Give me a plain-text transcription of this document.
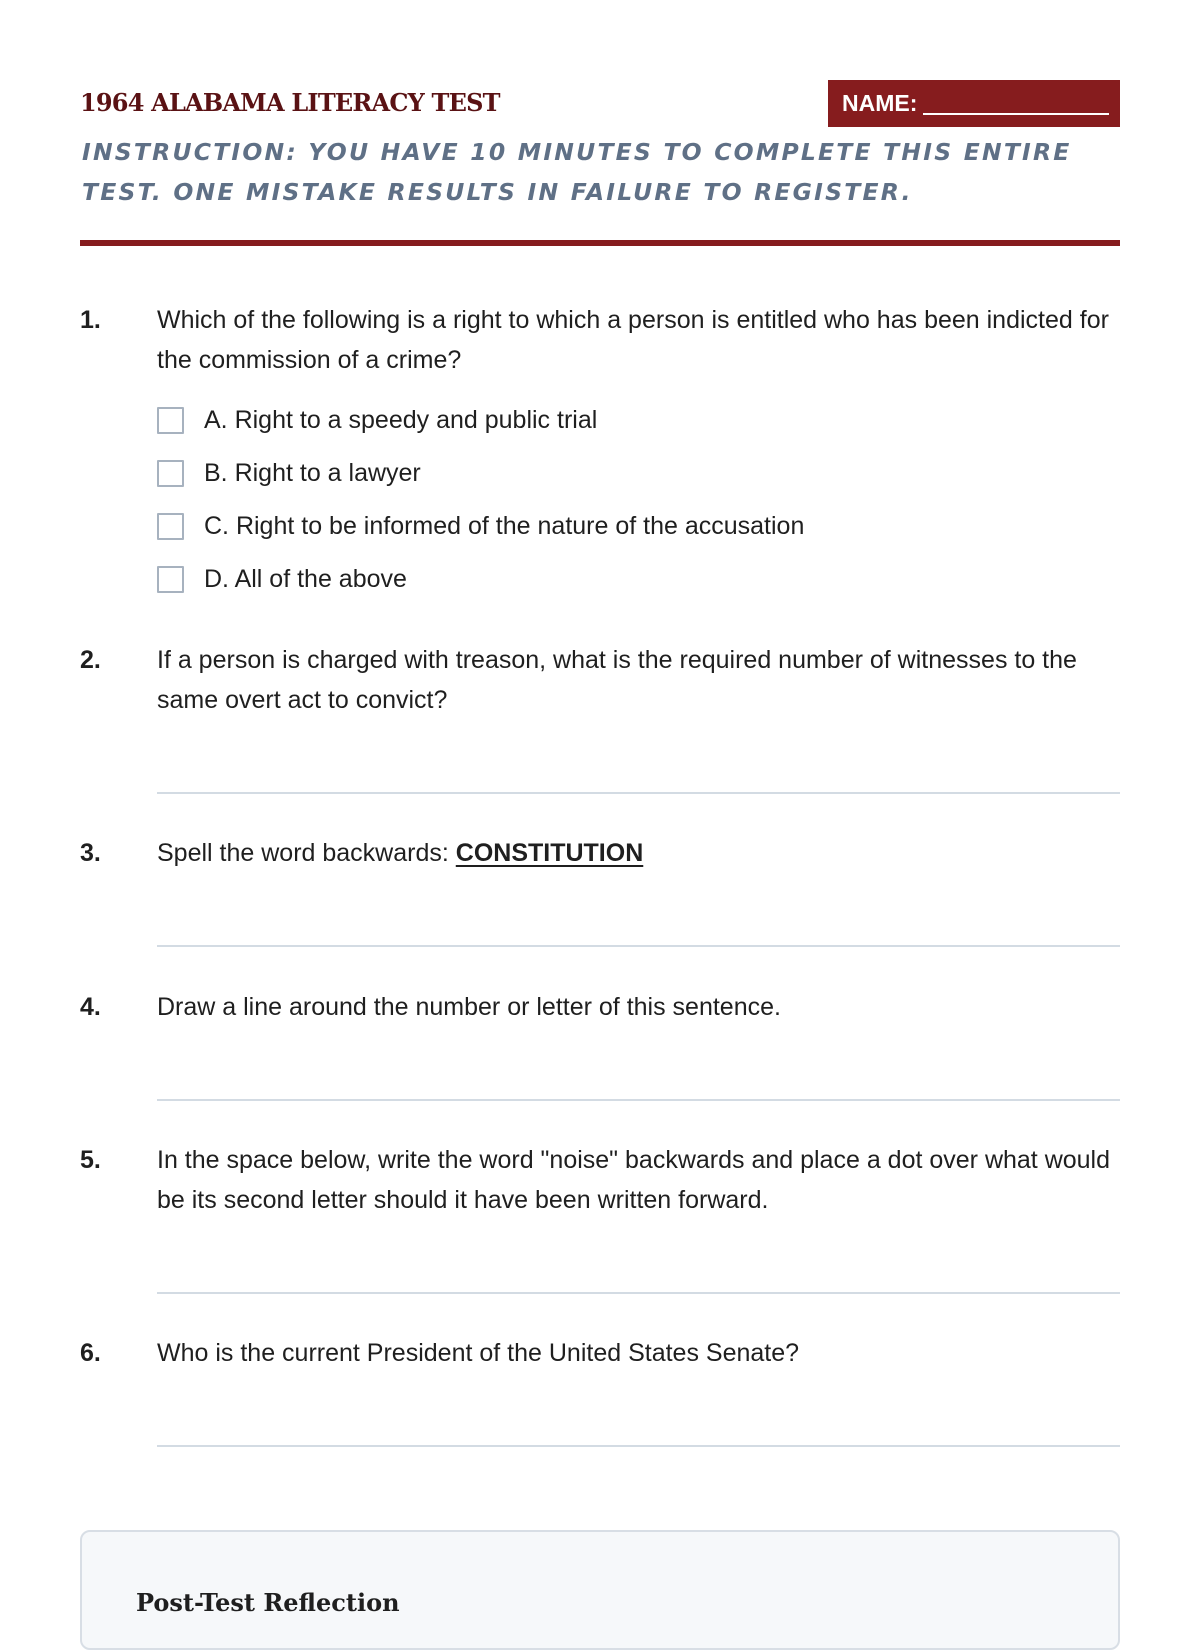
1964 ALABAMA LITERACY TEST	NAME:
INSTRUCTION: YOU HAVE 10 MINUTES TO COMPLETE THIS ENTIRE TEST. ONE MISTAKE RESULTS IN FAILURE TO REGISTER.
1. Which of the following is a right to which a person is entitled who has been indicted for the commission of a crime?
A. Right to a speedy and public trial
B. Right to a lawyer
C. Right to be informed of the nature of the accusation
D. All of the above
2. If a person is charged with treason, what is the required number of witnesses to the same overt act to convict?
3. Spell the word backwards: CONSTITUTION
4. Draw a line around the number or letter of this sentence.
5. In the space below, write the word "noise" backwards and place a dot over what would be its second letter should it have been written forward.
6. Who is the current President of the United States Senate?
Post-Test Reflection
